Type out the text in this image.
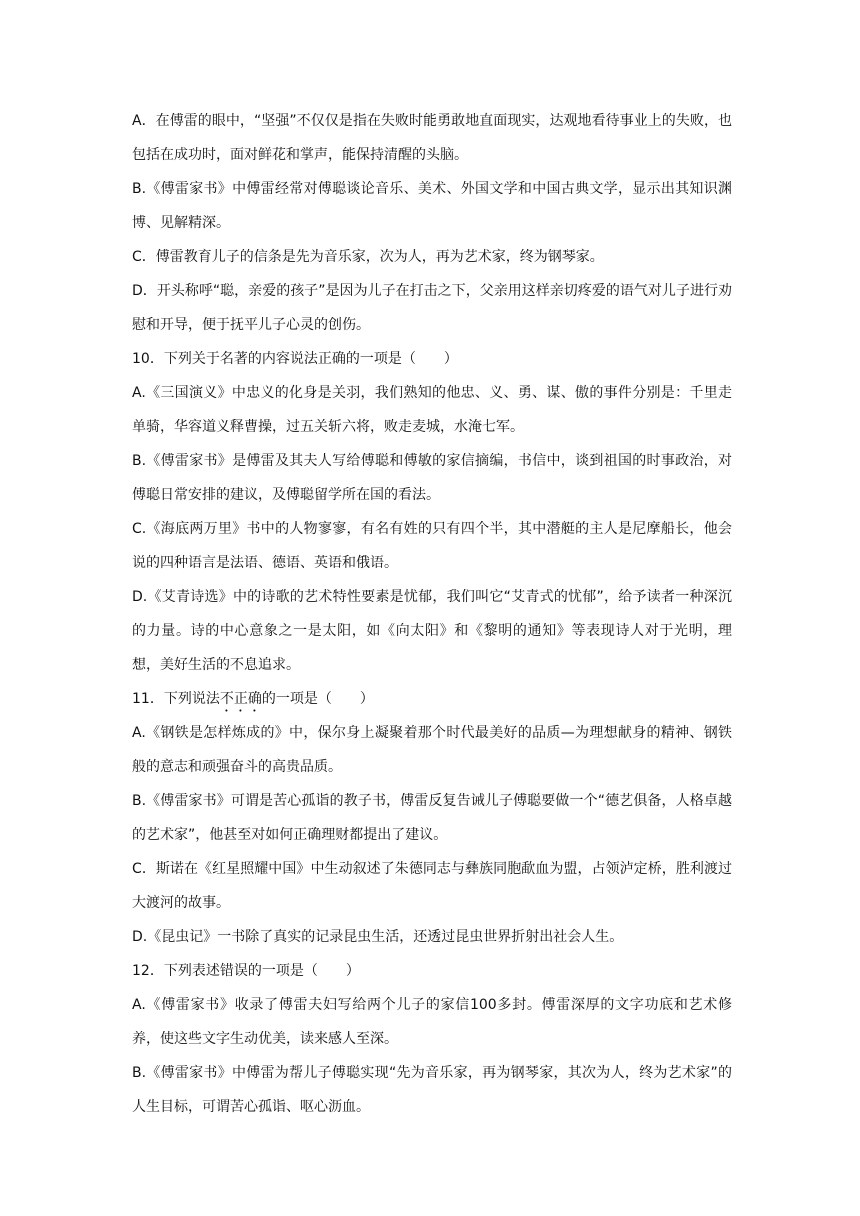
A．在傅雷的眼中，“坚强”不仅仅是指在失败时能勇敢地直面现实，达观地看待事业上的失败，也包括在成功时，面对鲜花和掌声，能保持清醒的头脑。

B.《傅雷家书》中傅雷经常对傅聪谈论音乐、美术、外国文学和中国古典文学，显示出其知识渊博、见解精深。

C．傅雷教育儿子的信条是先为音乐家，次为人，再为艺术家，终为钢琴家。

D．开头称呼“聪，亲爱的孩子”是因为儿子在打击之下，父亲用这样亲切疼爱的语气对儿子进行劝慰和开导，便于抚平儿子心灵的创伤。

10．下列关于名著的内容说法正确的一项是（　　）

A.《三国演义》中忠义的化身是关羽，我们熟知的他忠、义、勇、谋、傲的事件分别是：千里走单骑，华容道义释曹操，过五关斩六将，败走麦城，水淹七军。

B.《傅雷家书》是傅雷及其夫人写给傅聪和傅敏的家信摘编，书信中，谈到祖国的时事政治，对傅聪日常安排的建议，及傅聪留学所在国的看法。

C.《海底两万里》书中的人物寥寥，有名有姓的只有四个半，其中潜艇的主人是尼摩船长，他会说的四种语言是法语、德语、英语和俄语。

D.《艾青诗选》中的诗歌的艺术特性要素是忧郁，我们叫它“艾青式的忧郁”，给予读者一种深沉的力量。诗的中心意象之一是太阳，如《向太阳》和《黎明的通知》等表现诗人对于光明，理想，美好生活的不息追求。

11．下列说法不正确的一项是（　　）

A.《钢铁是怎样炼成的》中，保尔身上凝聚着那个时代最美好的品质—为理想献身的精神、钢铁般的意志和顽强奋斗的高贵品质。

B.《傅雷家书》可谓是苦心孤诣的教子书，傅雷反复告诫儿子傅聪要做一个“德艺俱备，人格卓越的艺术家”，他甚至对如何正确理财都提出了建议。

C．斯诺在《红星照耀中国》中生动叙述了朱德同志与彝族同胞歃血为盟，占领泸定桥，胜利渡过大渡河的故事。

D.《昆虫记》一书除了真实的记录昆虫生活，还透过昆虫世界折射出社会人生。

12．下列表述错误的一项是（　　）

A.《傅雷家书》收录了傅雷夫妇写给两个儿子的家信100多封。傅雷深厚的文字功底和艺术修养，使这些文字生动优美，读来感人至深。

B.《傅雷家书》中傅雷为帮儿子傅聪实现“先为音乐家，再为钢琴家，其次为人，终为艺术家”的人生目标，可谓苦心孤诣、呕心沥血。
